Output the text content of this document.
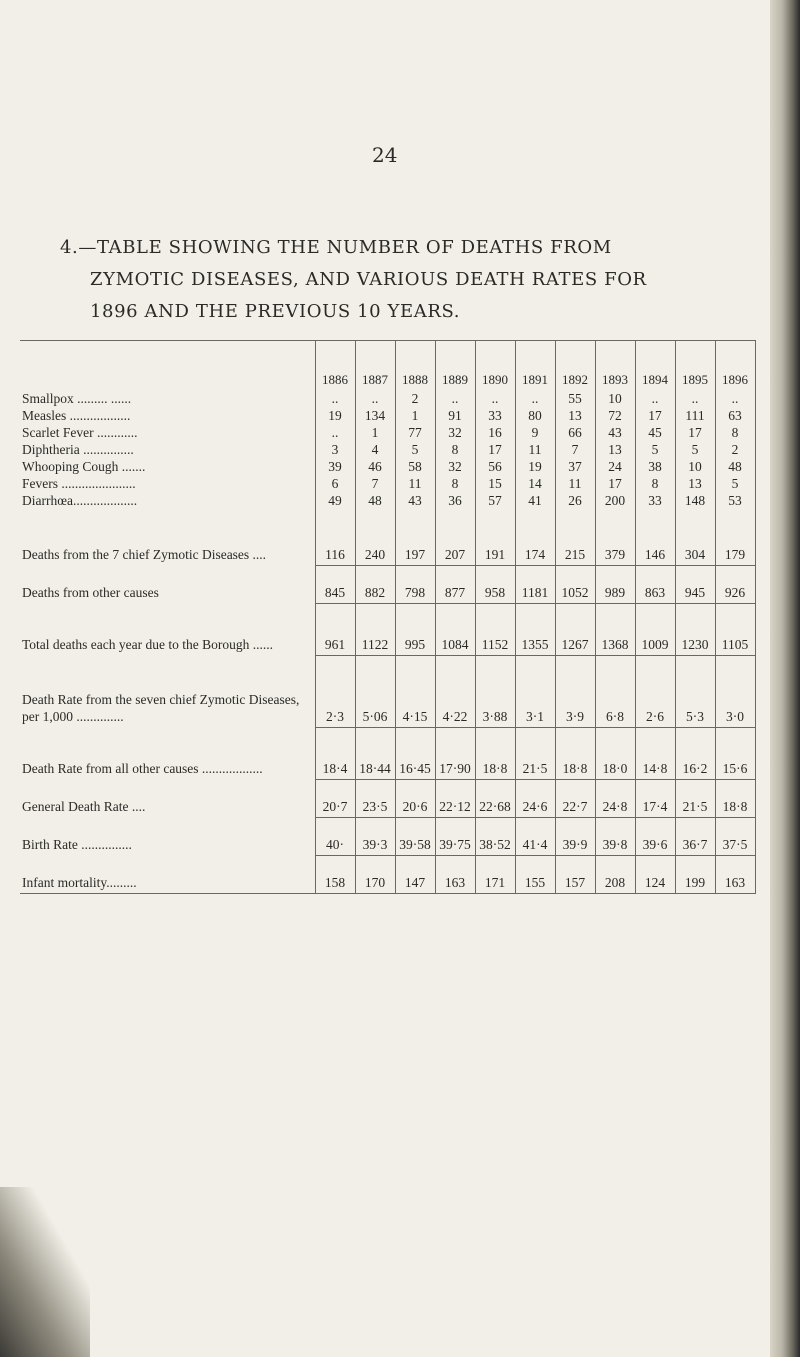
24
4.—TABLE SHOWING THE NUMBER OF DEATHS FROM
ZYMOTIC DISEASES, AND VARIOUS DEATH RATES FOR
1896 AND THE PREVIOUS 10 YEARS.
	1886	1887	1888	1889	1890	1891	1892	1893	1894	1895	1896
Smallpox ......... ......	..	..	2	..	..	..	55	10	..	..	..
Measles ..................	19	134	1	91	33	80	13	72	17	111	63
Scarlet Fever ............	..	1	77	32	16	9	66	43	45	17	8
Diphtheria ...............	3	4	5	8	17	11	7	13	5	5	2
Whooping Cough .......	39	46	58	32	56	19	37	24	38	10	48
Fevers ......................	6	7	11	8	15	14	11	17	8	13	5
Diarrhœa...................	49	48	43	36	57	41	26	200	33	148	53
Deaths from the 7 chief Zymotic Diseases ....	116	240	197	207	191	174	215	379	146	304	179
Deaths from other causes	845	882	798	877	958	1181	1052	989	863	945	926
Total deaths each year due to the Borough ......	961	1122	995	1084	1152	1355	1267	1368	1009	1230	1105
Death Rate from the seven chief Zymotic Diseases, per 1,000 ..............	2·3	5·06	4·15	4·22	3·88	3·1	3·9	6·8	2·6	5·3	3·0
Death Rate from all other causes ..................	18·4	18·44	16·45	17·90	18·8	21·5	18·8	18·0	14·8	16·2	15·6
General Death Rate ....	20·7	23·5	20·6	22·12	22·68	24·6	22·7	24·8	17·4	21·5	18·8
Birth Rate ...............	40·	39·3	39·58	39·75	38·52	41·4	39·9	39·8	39·6	36·7	37·5
Infant mortality.........	158	170	147	163	171	155	157	208	124	199	163
